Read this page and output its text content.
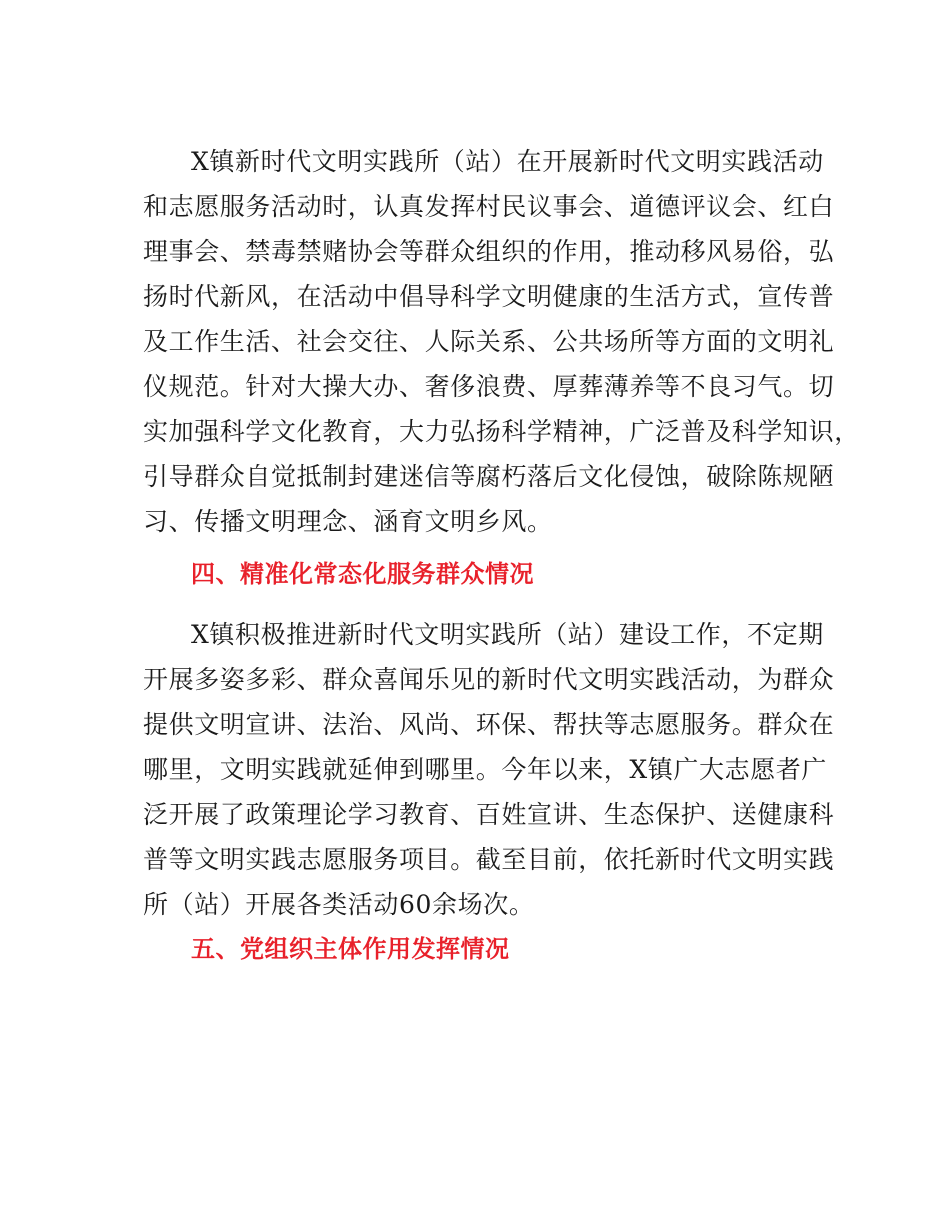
X镇新时代文明实践所（站）在开展新时代文明实践活动
和志愿服务活动时，认真发挥村民议事会、道德评议会、红白
理事会、禁毒禁赌协会等群众组织的作用，推动移风易俗，弘
扬时代新风，在活动中倡导科学文明健康的生活方式，宣传普
及工作生活、社会交往、人际关系、公共场所等方面的文明礼
仪规范。针对大操大办、奢侈浪费、厚葬薄养等不良习气。切
实加强科学文化教育，大力弘扬科学精神，广泛普及科学知识，
引导群众自觉抵制封建迷信等腐朽落后文化侵蚀，破除陈规陋
习、传播文明理念、涵育文明乡风。
四、精准化常态化服务群众情况
X镇积极推进新时代文明实践所（站）建设工作，不定期
开展多姿多彩、群众喜闻乐见的新时代文明实践活动，为群众
提供文明宣讲、法治、风尚、环保、帮扶等志愿服务。群众在
哪里，文明实践就延伸到哪里。今年以来，X镇广大志愿者广
泛开展了政策理论学习教育、百姓宣讲、生态保护、送健康科
普等文明实践志愿服务项目。截至目前，依托新时代文明实践
所（站）开展各类活动60余场次。
五、党组织主体作用发挥情况
